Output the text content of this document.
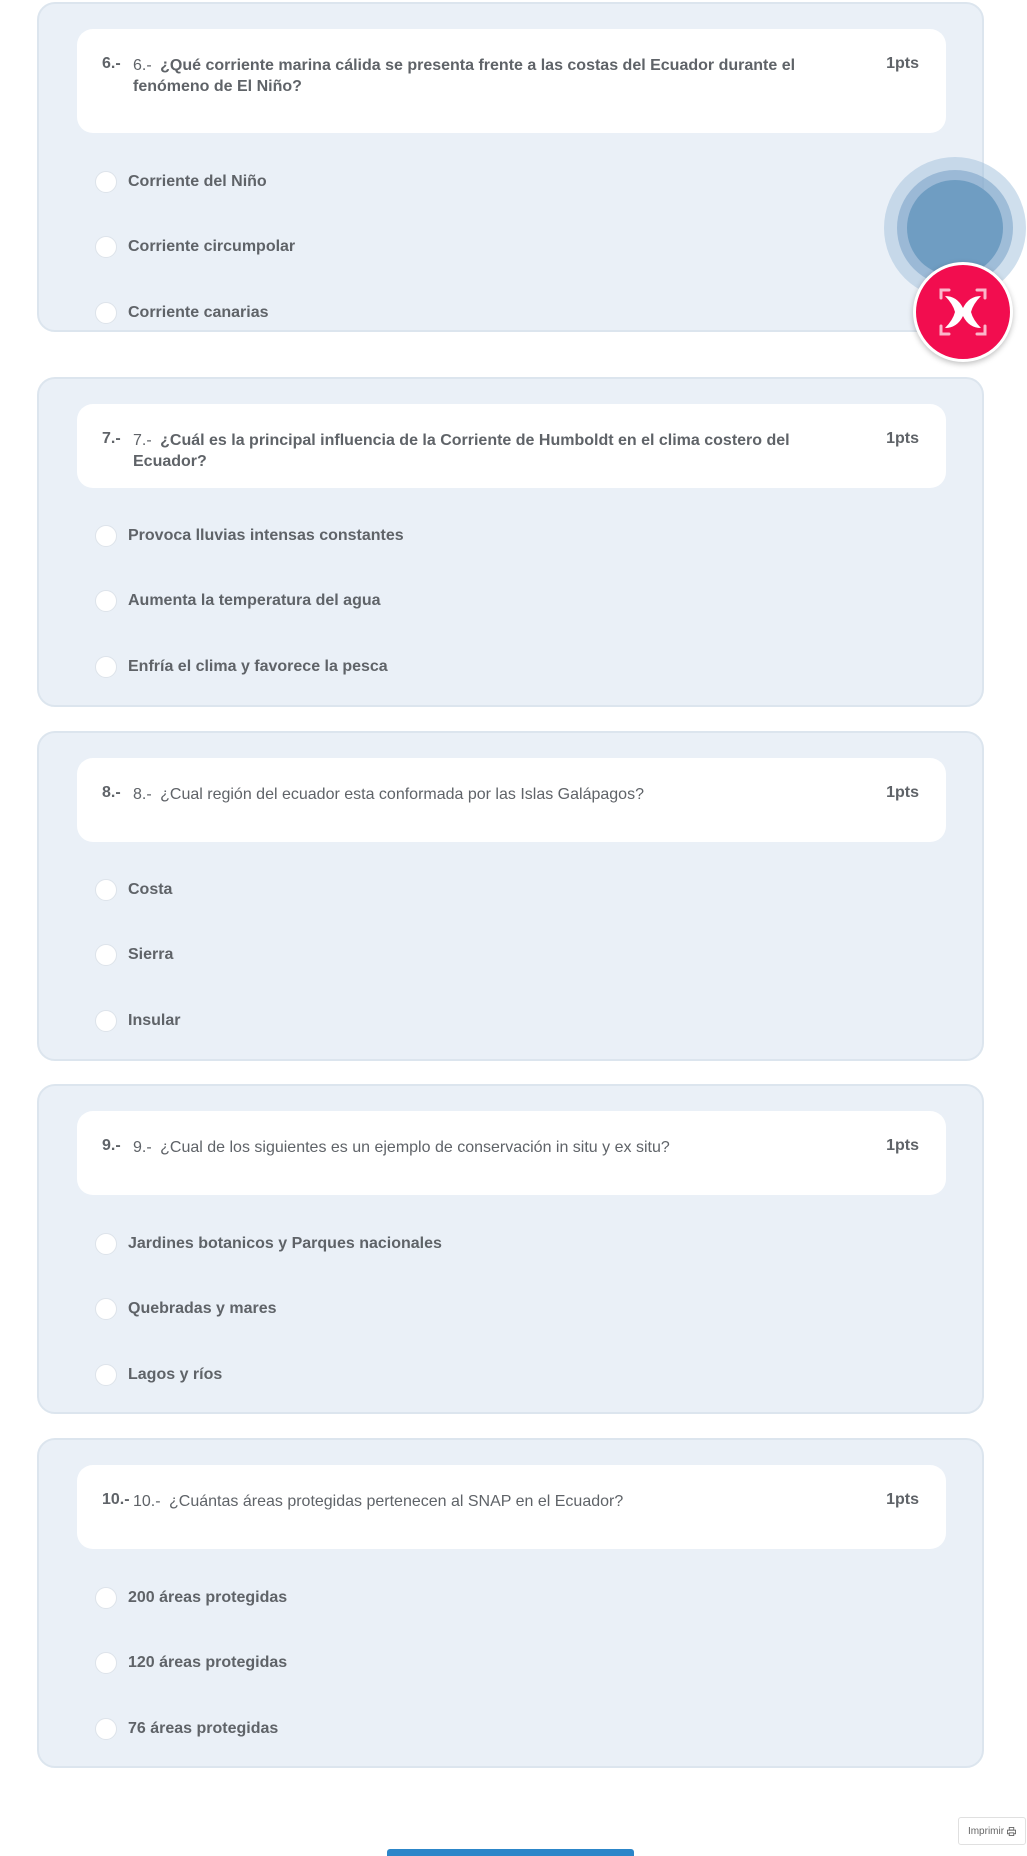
6.- 6.- ¿Qué corriente marina cálida se presenta frente a las costas del Ecuador durante el fenómeno de El Niño?
1pts
Corriente del Niño
Corriente circumpolar
Corriente canarias
7.- 7.- ¿Cuál es la principal influencia de la Corriente de Humboldt en el clima costero del Ecuador?
1pts
Provoca lluvias intensas constantes
Aumenta la temperatura del agua
Enfría el clima y favorece la pesca
8.- 8.- ¿Cual región del ecuador esta conformada por las Islas Galápagos?	1pts
Costa
Sierra
Insular
9.- 9.- ¿Cual de los siguientes es un ejemplo de conservación in situ y ex situ?	1pts
Jardines botanicos y Parques nacionales
Quebradas y mares
Lagos y ríos
10.- 10.- ¿Cuántas áreas protegidas pertenecen al SNAP en el Ecuador?	1pts
200 áreas protegidas
120 áreas protegidas
76 áreas protegidas
Imprimir
